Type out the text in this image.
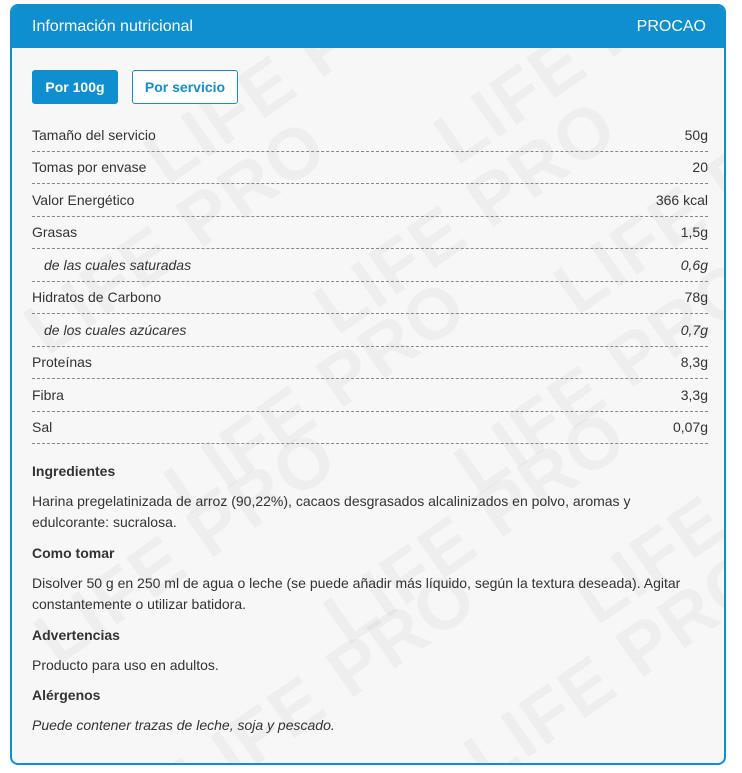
Información nutricional	PROCAO
Por 100g	Por servicio
Tamaño del servicio	50g
Tomas por envase	20
Valor Energético	366 kcal
Grasas	1,5g
de las cuales saturadas	0,6g
Hidratos de Carbono	78g
de los cuales azúcares	0,7g
Proteínas	8,3g
Fibra	3,3g
Sal	0,07g

Ingredientes

Harina pregelatinizada de arroz (90,22%), cacaos desgrasados alcalinizados en polvo, aromas y edulcorante: sucralosa.

Como tomar

Disolver 50 g en 250 ml de agua o leche (se puede añadir más líquido, según la textura deseada). Agitar constantemente o utilizar batidora.

Advertencias

Producto para uso en adultos.

Alérgenos

Puede contener trazas de leche, soja y pescado.
